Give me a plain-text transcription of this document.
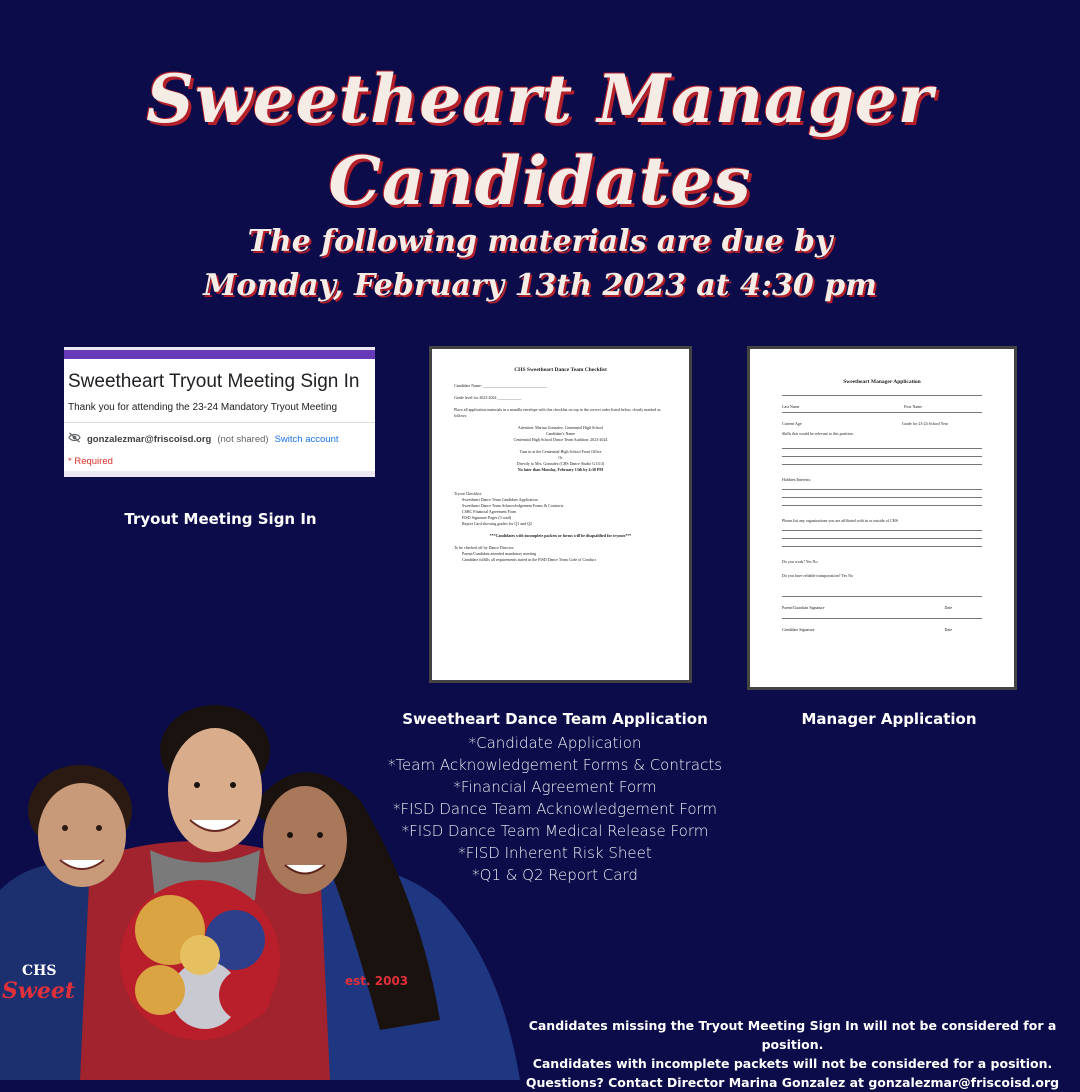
Sweetheart Manager
Candidates
The following materials are due by
Monday, February 13th 2023 at 4:30 pm
Sweetheart Tryout Meeting Sign In
Thank you for attending the 23-24 Mandatory Tryout Meeting
gonzalezmar@friscoisd.org (not shared) Switch account
* Required
Tryout Meeting Sign In
CHS Sweetheart Dance Team Checklist
Candidate Name: ________________________________
Grade level for 2023-2024 ____________
Place all application materials in a manilla envelope with this checklist on top in the correct order listed below, clearly marked as follows:
Attention: Marina Gonzalez, Centennial High School
Candidate's Name
Centennial High School Dance Team Audition: 2023-2024
Turn in at the Centennial High School Front Office
Or
Directly to Mrs. Gonzalez (CHS Dance Studio G1113)
No later than Monday, February 13th by 4:30 PM
Tryout Checklist:
Sweetheart Dance Team Candidate Application
Sweetheart Dance Team Acknowledgement Forms & Contracts
CSBC Financial Agreement Form
FISD Signature Pages (3 total)
Report Card showing grades for Q1 and Q2
***Candidates with incomplete packets or forms will be disqualified for tryouts***
To be checked off by Dance Director:
Parent/Candidate attended mandatory meeting
Candidate fulfills all requirements stated in the FISD Dance Team Code of Conduct
Sweetheart Dance Team Application
*Candidate Application
*Team Acknowledgement Forms & Contracts
*Financial Agreement Form
*FISD Dance Team Acknowledgement Form
*FISD Dance Team Medical Release Form
*FISD Inherent Risk Sheet
*Q1 & Q2 Report Card
Sweetheart Manager Application
Last Name	First Name
Current Age	Grade for 23-24 School Year
Skills that would be relevant to this position:
Hobbies/Interests:
Please list any organizations you are affiliated with in or outside of CHS
Do you work? Yes No
Do you have reliable transportation? Yes No
Parent/Guardian Signature	Date
Candidate Signature	Date
Manager Application
CHS
Sweet	est. 2003
Candidates missing the Tryout Meeting Sign In will not be considered for a position.
Candidates with incomplete packets will not be considered for a position.
Questions? Contact Director Marina Gonzalez at gonzalezmar@friscoisd.org
